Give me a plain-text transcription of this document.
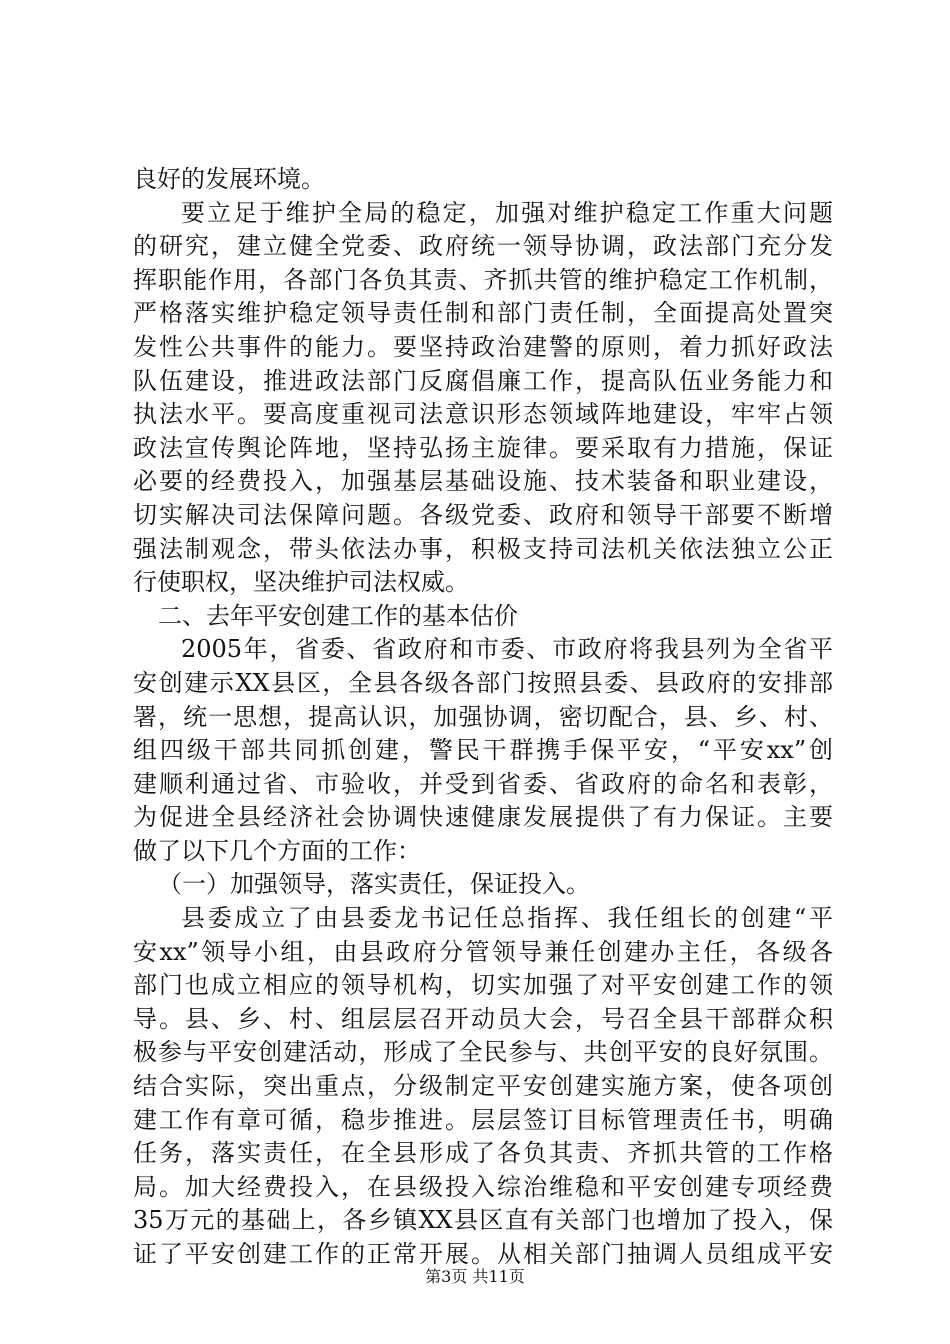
良好的发展环境。
要立足于维护全局的稳定，加强对维护稳定工作重大问题
的研究，建立健全党委、政府统一领导协调，政法部门充分发
挥职能作用，各部门各负其责、齐抓共管的维护稳定工作机制，
严格落实维护稳定领导责任制和部门责任制，全面提高处置突
发性公共事件的能力。要坚持政治建警的原则，着力抓好政法
队伍建设，推进政法部门反腐倡廉工作，提高队伍业务能力和
执法水平。要高度重视司法意识形态领域阵地建设，牢牢占领
政法宣传舆论阵地，坚持弘扬主旋律。要采取有力措施，保证
必要的经费投入，加强基层基础设施、技术装备和职业建设，
切实解决司法保障问题。各级党委、政府和领导干部要不断增
强法制观念，带头依法办事，积极支持司法机关依法独立公正
行使职权，坚决维护司法权威。
二、去年平安创建工作的基本估价
2005年，省委、省政府和市委、市政府将我县列为全省平
安创建示XX县区，全县各级各部门按照县委、县政府的安排部
署，统一思想，提高认识，加强协调，密切配合，县、乡、村、
组四级干部共同抓创建，警民干群携手保平安，“平安xx”创
建顺利通过省、市验收，并受到省委、省政府的命名和表彰，
为促进全县经济社会协调快速健康发展提供了有力保证。主要
做了以下几个方面的工作：
（一）加强领导，落实责任，保证投入。
县委成立了由县委龙书记任总指挥、我任组长的创建“平
安xx”领导小组，由县政府分管领导兼任创建办主任，各级各
部门也成立相应的领导机构，切实加强了对平安创建工作的领
导。县、乡、村、组层层召开动员大会，号召全县干部群众积
极参与平安创建活动，形成了全民参与、共创平安的良好氛围。
结合实际，突出重点，分级制定平安创建实施方案，使各项创
建工作有章可循，稳步推进。层层签订目标管理责任书，明确
任务，落实责任，在全县形成了各负其责、齐抓共管的工作格
局。加大经费投入，在县级投入综治维稳和平安创建专项经费
35万元的基础上，各乡镇XX县区直有关部门也增加了投入，保
证了平安创建工作的正常开展。从相关部门抽调人员组成平安
第3页 共11页
